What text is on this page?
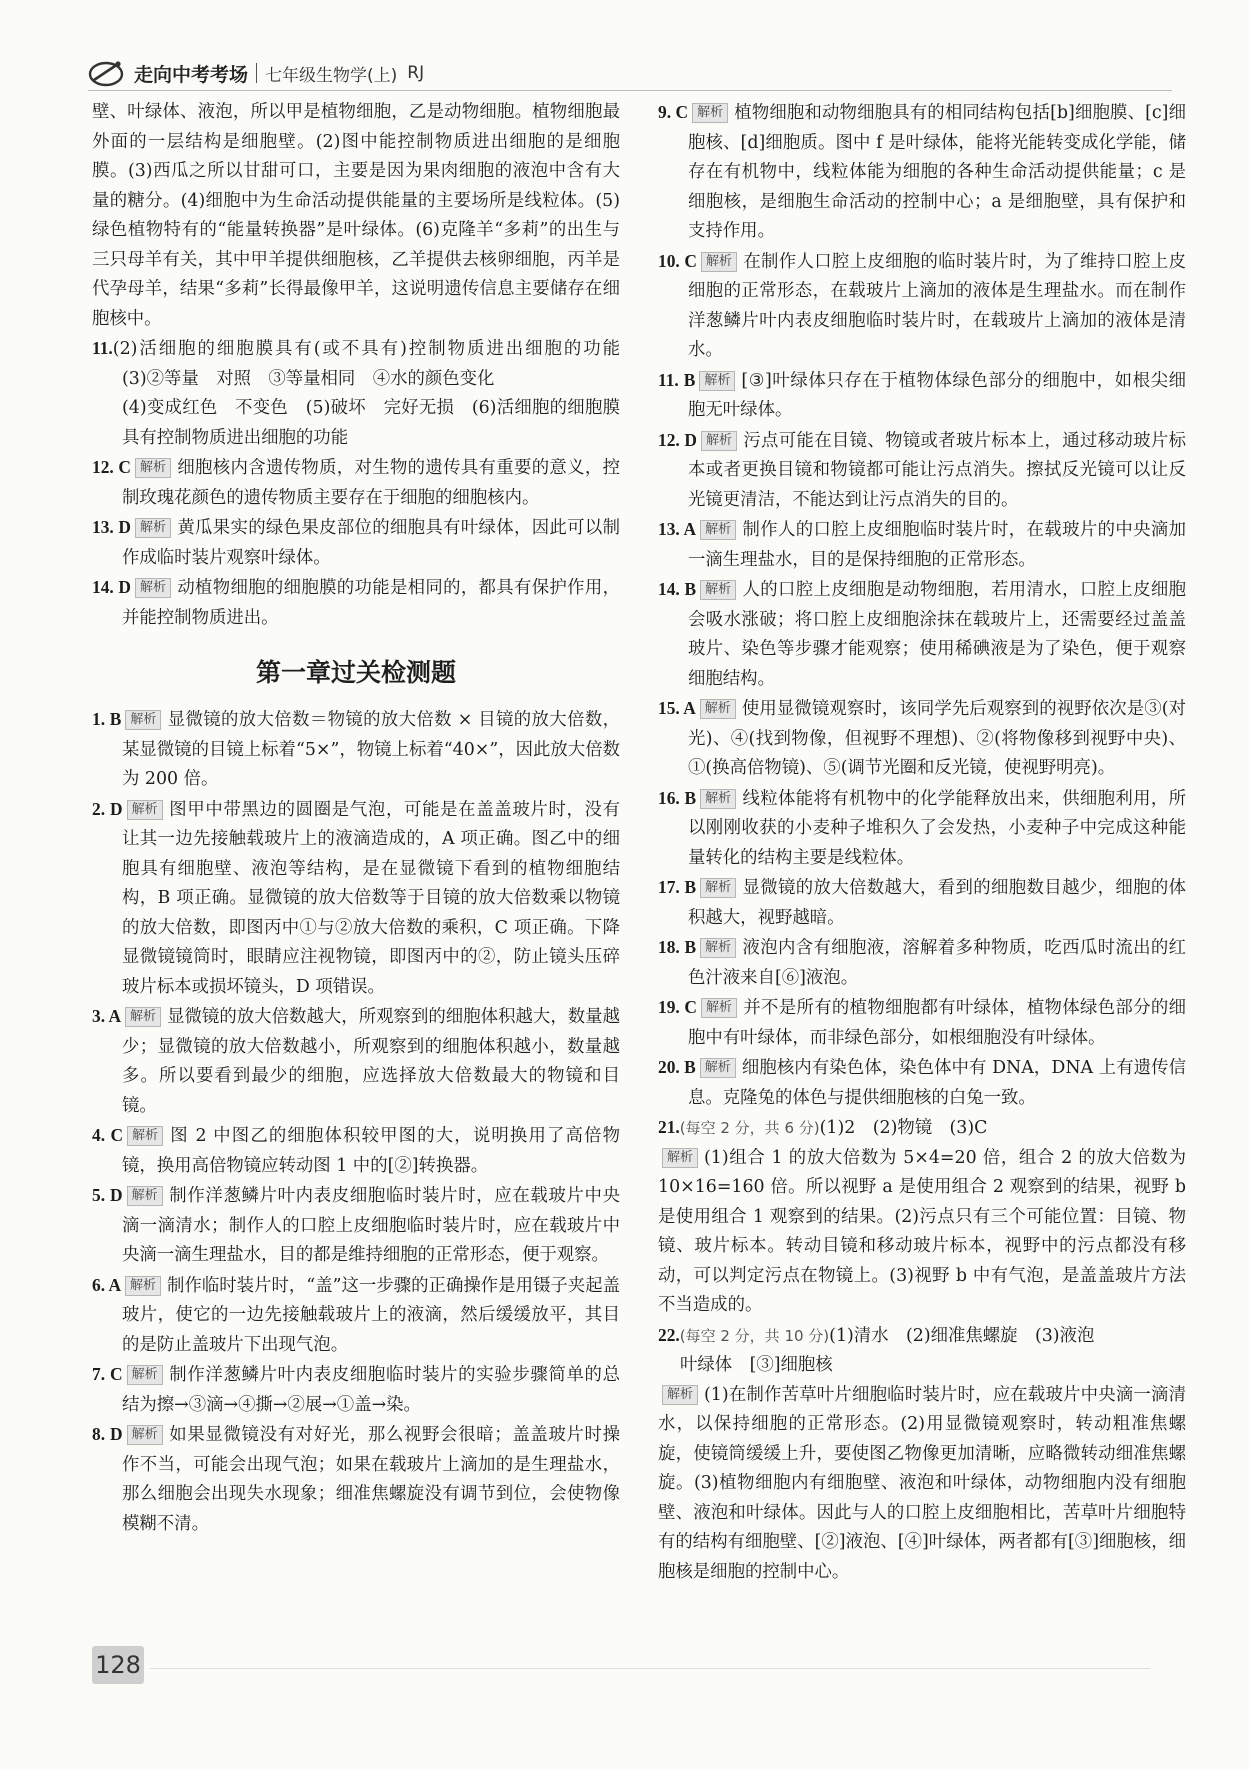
走向中考考场 七年级生物学(上) RJ

壁、叶绿体、液泡，所以甲是植物细胞，乙是动物细胞。植物细胞最外面的一层结构是细胞壁。(2)图中能控制物质进出细胞的是细胞膜。(3)西瓜之所以甘甜可口，主要是因为果肉细胞的液泡中含有大量的糖分。(4)细胞中为生命活动提供能量的主要场所是线粒体。(5)绿色植物特有的“能量转换器”是叶绿体。(6)克隆羊“多莉”的出生与三只母羊有关，其中甲羊提供细胞核，乙羊提供去核卵细胞，丙羊是代孕母羊，结果“多莉”长得最像甲羊，这说明遗传信息主要储存在细胞核中。

11.(2)活细胞的细胞膜具有(或不具有)控制物质进出细胞的功能　(3)②等量　对照　③等量相同　④水的颜色变化

(4)变成红色　不变色　(5)破坏　完好无损　(6)活细胞的细胞膜具有控制物质进出细胞的功能

12. C 解析 细胞核内含遗传物质，对生物的遗传具有重要的意义，控制玫瑰花颜色的遗传物质主要存在于细胞的细胞核内。

13. D 解析 黄瓜果实的绿色果皮部位的细胞具有叶绿体，因此可以制作成临时装片观察叶绿体。

14. D 解析 动植物细胞的细胞膜的功能是相同的，都具有保护作用，并能控制物质进出。

第一章过关检测题

1. B 解析 显微镜的放大倍数＝物镜的放大倍数 × 目镜的放大倍数，某显微镜的目镜上标着“5×”，物镜上标着“40×”，因此放大倍数为 200 倍。

2. D 解析 图甲中带黑边的圆圈是气泡，可能是在盖盖玻片时，没有让其一边先接触载玻片上的液滴造成的，A 项正确。图乙中的细胞具有细胞壁、液泡等结构，是在显微镜下看到的植物细胞结构，B 项正确。显微镜的放大倍数等于目镜的放大倍数乘以物镜的放大倍数，即图丙中①与②放大倍数的乘积，C 项正确。下降显微镜镜筒时，眼睛应注视物镜，即图丙中的②，防止镜头压碎玻片标本或损坏镜头，D 项错误。

3. A 解析 显微镜的放大倍数越大，所观察到的细胞体积越大，数量越少；显微镜的放大倍数越小，所观察到的细胞体积越小，数量越多。所以要看到最少的细胞，应选择放大倍数最大的物镜和目镜。

4. C 解析 图 2 中图乙的细胞体积较甲图的大，说明换用了高倍物镜，换用高倍物镜应转动图 1 中的[②]转换器。

5. D 解析 制作洋葱鳞片叶内表皮细胞临时装片时，应在载玻片中央滴一滴清水；制作人的口腔上皮细胞临时装片时，应在载玻片中央滴一滴生理盐水，目的都是维持细胞的正常形态，便于观察。

6. A 解析 制作临时装片时，“盖”这一步骤的正确操作是用镊子夹起盖玻片，使它的一边先接触载玻片上的液滴，然后缓缓放平，其目的是防止盖玻片下出现气泡。

7. C 解析 制作洋葱鳞片叶内表皮细胞临时装片的实验步骤简单的总结为擦→③滴→④撕→②展→①盖→染。

8. D 解析 如果显微镜没有对好光，那么视野会很暗；盖盖玻片时操作不当，可能会出现气泡；如果在载玻片上滴加的是生理盐水，那么细胞会出现失水现象；细准焦螺旋没有调节到位，会使物像模糊不清。

9. C 解析 植物细胞和动物细胞具有的相同结构包括[b]细胞膜、[c]细胞核、[d]细胞质。图中 f 是叶绿体，能将光能转变成化学能，储存在有机物中，线粒体能为细胞的各种生命活动提供能量；c 是细胞核，是细胞生命活动的控制中心；a 是细胞壁，具有保护和支持作用。

10. C 解析 在制作人口腔上皮细胞的临时装片时，为了维持口腔上皮细胞的正常形态，在载玻片上滴加的液体是生理盐水。而在制作洋葱鳞片叶内表皮细胞临时装片时，在载玻片上滴加的液体是清水。

11. B 解析 [③]叶绿体只存在于植物体绿色部分的细胞中，如根尖细胞无叶绿体。

12. D 解析 污点可能在目镜、物镜或者玻片标本上，通过移动玻片标本或者更换目镜和物镜都可能让污点消失。擦拭反光镜可以让反光镜更清洁，不能达到让污点消失的目的。

13. A 解析 制作人的口腔上皮细胞临时装片时，在载玻片的中央滴加一滴生理盐水，目的是保持细胞的正常形态。

14. B 解析 人的口腔上皮细胞是动物细胞，若用清水，口腔上皮细胞会吸水涨破；将口腔上皮细胞涂抹在载玻片上，还需要经过盖盖玻片、染色等步骤才能观察；使用稀碘液是为了染色，便于观察细胞结构。

15. A 解析 使用显微镜观察时，该同学先后观察到的视野依次是③(对光)、④(找到物像，但视野不理想)、②(将物像移到视野中央)、①(换高倍物镜)、⑤(调节光圈和反光镜，使视野明亮)。

16. B 解析 线粒体能将有机物中的化学能释放出来，供细胞利用，所以刚刚收获的小麦种子堆积久了会发热，小麦种子中完成这种能量转化的结构主要是线粒体。

17. B 解析 显微镜的放大倍数越大，看到的细胞数目越少，细胞的体积越大，视野越暗。

18. B 解析 液泡内含有细胞液，溶解着多种物质，吃西瓜时流出的红色汁液来自[⑥]液泡。

19. C 解析 并不是所有的植物细胞都有叶绿体，植物体绿色部分的细胞中有叶绿体，而非绿色部分，如根细胞没有叶绿体。

20. B 解析 细胞核内有染色体，染色体中有 DNA，DNA 上有遗传信息。克隆兔的体色与提供细胞核的白兔一致。

21.(每空 2 分，共 6 分)(1)2　(2)物镜　(3)C

解析 (1)组合 1 的放大倍数为 5×4=20 倍，组合 2 的放大倍数为 10×16=160 倍。所以视野 a 是使用组合 2 观察到的结果，视野 b 是使用组合 1 观察到的结果。(2)污点只有三个可能位置：目镜、物镜、玻片标本。转动目镜和移动玻片标本，视野中的污点都没有移动，可以判定污点在物镜上。(3)视野 b 中有气泡，是盖盖玻片方法不当造成的。

22.(每空 2 分，共 10 分)(1)清水　(2)细准焦螺旋　(3)液泡

叶绿体　[③]细胞核

解析 (1)在制作苦草叶片细胞临时装片时，应在载玻片中央滴一滴清水，以保持细胞的正常形态。(2)用显微镜观察时，转动粗准焦螺旋，使镜筒缓缓上升，要使图乙物像更加清晰，应略微转动细准焦螺旋。(3)植物细胞内有细胞壁、液泡和叶绿体，动物细胞内没有细胞壁、液泡和叶绿体。因此与人的口腔上皮细胞相比，苦草叶片细胞特有的结构有细胞壁、[②]液泡、[④]叶绿体，两者都有[③]细胞核，细胞核是细胞的控制中心。

128
